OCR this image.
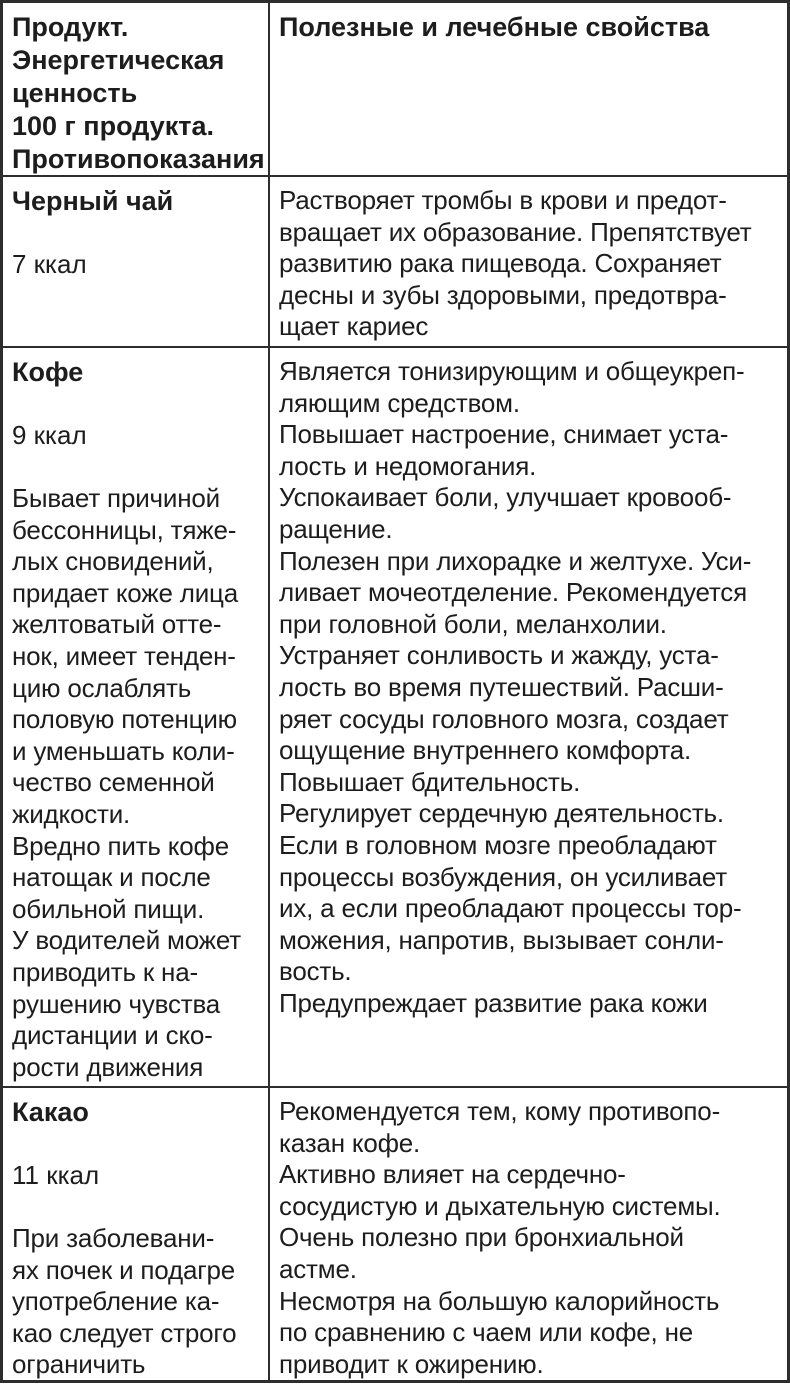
Продукт.
Энергетическая
ценность
100 г продукта.
Противопоказания
Полезные и лечебные свойства
Черный чай
7 ккал
Растворяет тромбы в крови и предот-
вращает их образование. Препятствует
развитию рака пищевода. Сохраняет
десны и зубы здоровыми, предотвра-
щает кариес
Кофе
9 ккал
Бывает причиной
бессонницы, тяже-
лых сновидений,
придает коже лица
желтоватый отте-
нок, имеет тенден-
цию ослаблять
половую потенцию
и уменьшать коли-
чество семенной
жидкости.
Вредно пить кофе
натощак и после
обильной пищи.
У водителей может
приводить к на-
рушению чувства
дистанции и ско-
рости движения
Является тонизирующим и общеукреп-
ляющим средством.
Повышает настроение, снимает уста-
лость и недомогания.
Успокаивает боли, улучшает кровооб-
ращение.
Полезен при лихорадке и желтухе. Уси-
ливает мочеотделение. Рекомендуется
при головной боли, меланхолии.
Устраняет сонливость и жажду, уста-
лость во время путешествий. Расши-
ряет сосуды головного мозга, создает
ощущение внутреннего комфорта.
Повышает бдительность.
Регулирует сердечную деятельность.
Если в головном мозге преобладают
процессы возбуждения, он усиливает
их, а если преобладают процессы тор-
можения, напротив, вызывает сонли-
вость.
Предупреждает развитие рака кожи
Какао
11 ккал
При заболевани-
ях почек и подагре
употребление ка-
као следует строго
ограничить
Рекомендуется тем, кому противопо-
казан кофе.
Активно влияет на сердечно-
сосудистую и дыхательную системы.
Очень полезно при бронхиальной
астме.
Несмотря на большую калорийность
по сравнению с чаем или кофе, не
приводит к ожирению.
